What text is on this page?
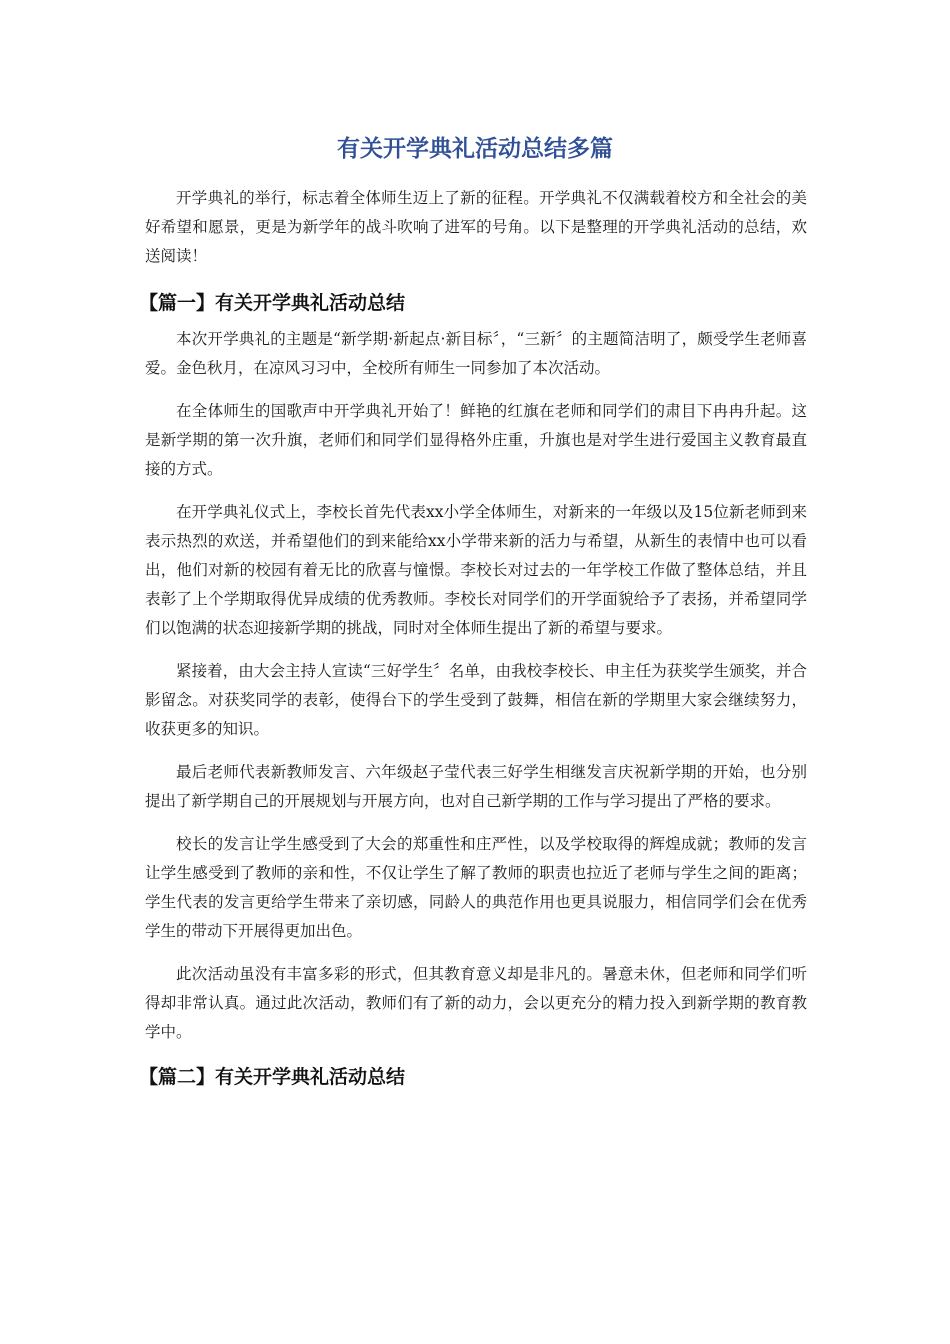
有关开学典礼活动总结多篇

开学典礼的举行，标志着全体师生迈上了新的征程。开学典礼不仅满载着校方和全社会的美好希望和愿景，更是为新学年的战斗吹响了进军的号角。以下是整理的开学典礼活动的总结，欢送阅读！

【篇一】有关开学典礼活动总结

本次开学典礼的主题是“新学期·新起点·新目标〞，“三新〞的主题简洁明了，颇受学生老师喜爱。金色秋月，在凉风习习中，全校所有师生一同参加了本次活动。

在全体师生的国歌声中开学典礼开始了！鲜艳的红旗在老师和同学们的肃目下冉冉升起。这是新学期的第一次升旗，老师们和同学们显得格外庄重，升旗也是对学生进行爱国主义教育最直接的方式。

在开学典礼仪式上，李校长首先代表xx小学全体师生，对新来的一年级以及15位新老师到来表示热烈的欢送，并希望他们的到来能给xx小学带来新的活力与希望，从新生的表情中也可以看出，他们对新的校园有着无比的欣喜与憧憬。李校长对过去的一年学校工作做了整体总结，并且表彰了上个学期取得优异成绩的优秀教师。李校长对同学们的开学面貌给予了表扬，并希望同学们以饱满的状态迎接新学期的挑战，同时对全体师生提出了新的希望与要求。

紧接着，由大会主持人宣读“三好学生〞名单，由我校李校长、申主任为获奖学生颁奖，并合影留念。对获奖同学的表彰，使得台下的学生受到了鼓舞，相信在新的学期里大家会继续努力，收获更多的知识。

最后老师代表新教师发言、六年级赵子莹代表三好学生相继发言庆祝新学期的开始，也分别提出了新学期自己的开展规划与开展方向，也对自己新学期的工作与学习提出了严格的要求。

校长的发言让学生感受到了大会的郑重性和庄严性，以及学校取得的辉煌成就；教师的发言让学生感受到了教师的亲和性，不仅让学生了解了教师的职责也拉近了老师与学生之间的距离；学生代表的发言更给学生带来了亲切感，同龄人的典范作用也更具说服力，相信同学们会在优秀学生的带动下开展得更加出色。

此次活动虽没有丰富多彩的形式，但其教育意义却是非凡的。暑意未休，但老师和同学们听得却非常认真。通过此次活动，教师们有了新的动力，会以更充分的精力投入到新学期的教育教学中。

【篇二】有关开学典礼活动总结
